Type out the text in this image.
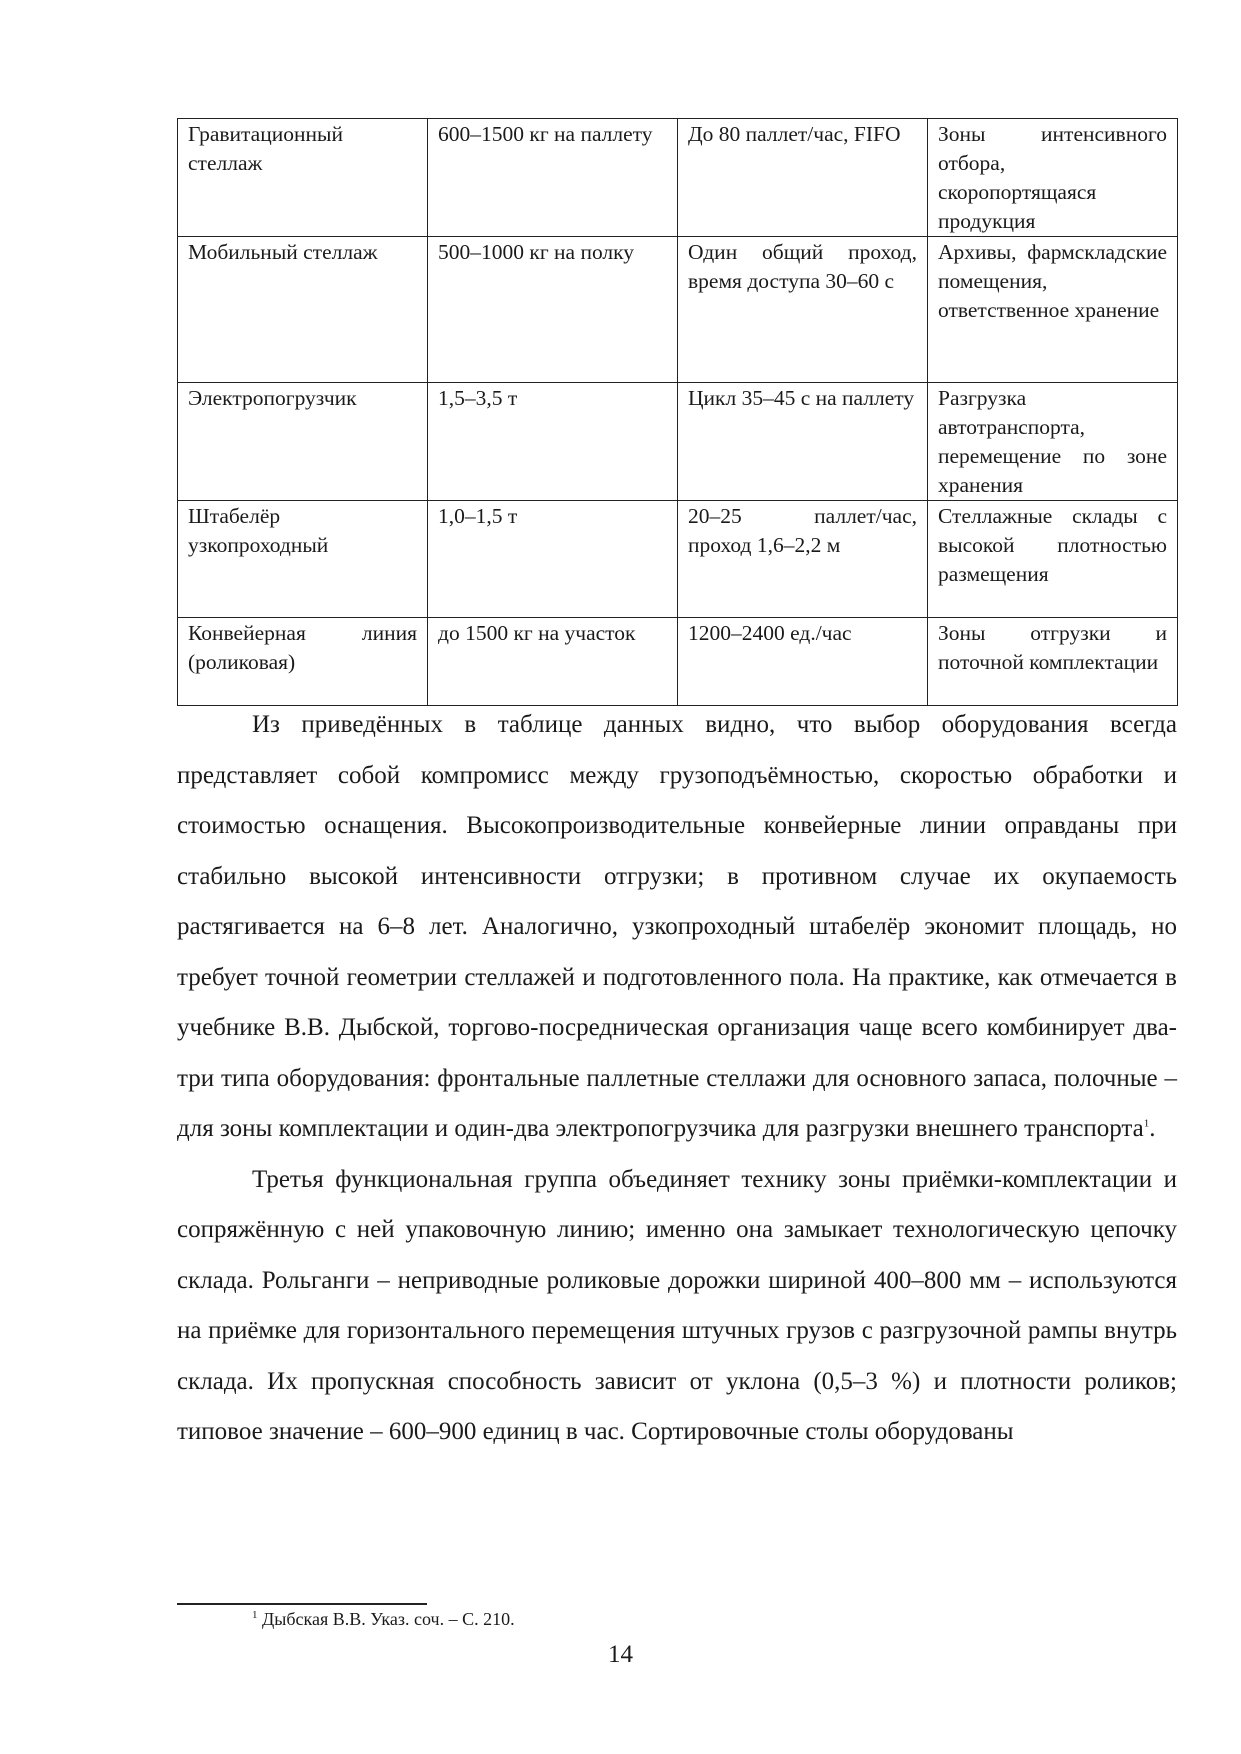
Гравитационный стеллаж	600–1500 кг на паллету	До 80 паллет/час, FIFO	Зоны интенсивного отбора, скоропортящаяся продукция
Мобильный стеллаж	500–1000 кг на полку	Один общий проход, время доступа 30–60 с	Архивы, фармскладские помещения, ответственное хранение
Электропогрузчик	1,5–3,5 т	Цикл 35–45 с на паллету	Разгрузка автотранспорта, перемещение по зоне хранения
Штабелёр узкопроходный	1,0–1,5 т	20–25 паллет/час, проход 1,6–2,2 м	Стеллажные склады с высокой плотностью размещения
Конвейерная линия (роликовая)	до 1500 кг на участок	1200–2400 ед./час	Зоны отгрузки и поточной комплектации

Из приведённых в таблице данных видно, что выбор оборудования всегда представляет собой компромисс между грузоподъёмностью, скоростью обработки и стоимостью оснащения. Высокопроизводительные конвейерные линии оправданы при стабильно высокой интенсивности отгрузки; в противном случае их окупаемость растягивается на 6–8 лет. Аналогично, узкопроходный штабелёр экономит площадь, но требует точной геометрии стеллажей и подготовленного пола. На практике, как отмечается в учебнике В.В. Дыбской, торгово-посредническая организация чаще всего комбинирует два-три типа оборудования: фронтальные паллетные стеллажи для основного запаса, полочные – для зоны комплектации и один-два электропогрузчика для разгрузки внешнего транспорта$^1$.

Третья функциональная группа объединяет технику зоны приёмки-комплектации и сопряжённую с ней упаковочную линию; именно она замыкает технологическую цепочку склада. Рольганги – неприводные роликовые дорожки шириной 400–800 мм – используются на приёмке для горизонтального перемещения штучных грузов с разгрузочной рампы внутрь склада. Их пропускная способность зависит от уклона (0,5–3 %) и плотности роликов; типовое значение – 600–900 единиц в час. Сортировочные столы оборудованы

$^1$ Дыбская В.В. Указ. соч. – С. 210.
14
